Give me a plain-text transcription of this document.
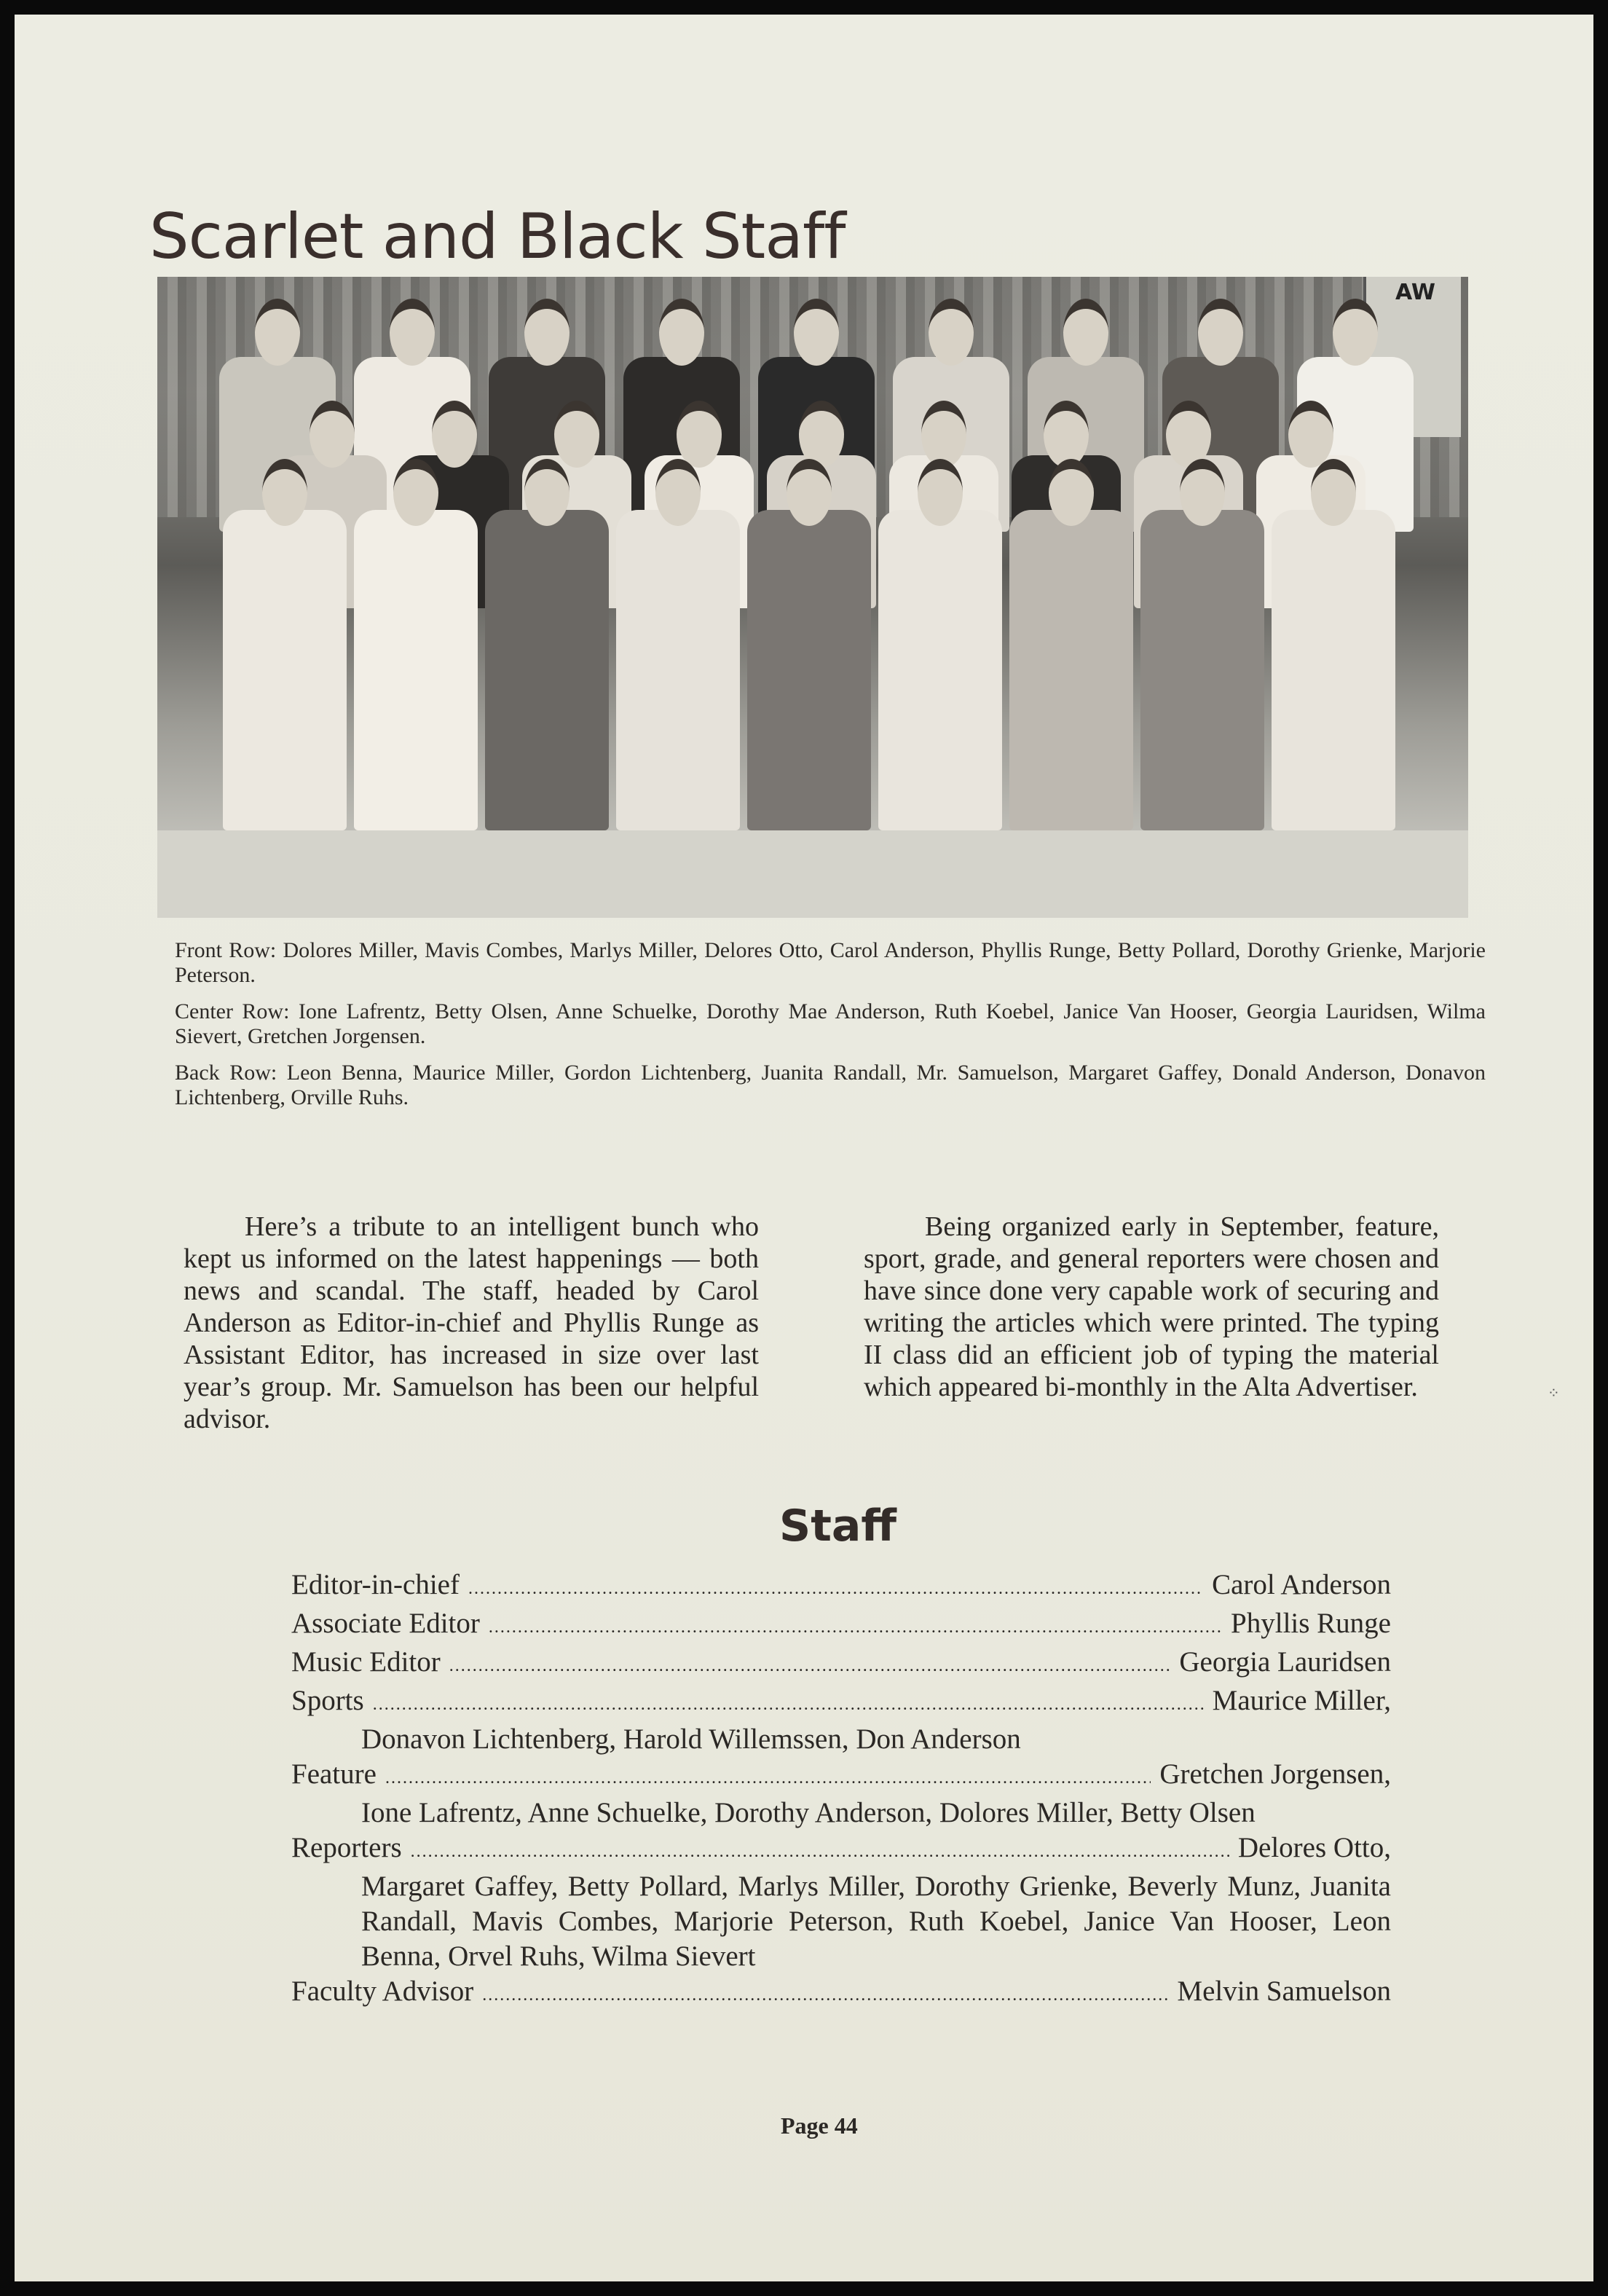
Scarlet and Black Staff
AW

Front Row: Dolores Miller, Mavis Combes, Marlys Miller, Delores Otto, Carol Anderson, Phyllis Runge, Betty Pollard, Dorothy Grienke, Marjorie Peterson.

Center Row: Ione Lafrentz, Betty Olsen, Anne Schuelke, Dorothy Mae Anderson, Ruth Koebel, Janice Van Hooser, Georgia Lauridsen, Wilma Sievert, Gretchen Jorgensen.

Back Row: Leon Benna, Maurice Miller, Gordon Lichtenberg, Juanita Randall, Mr. Samuelson, Margaret Gaffey, Donald Anderson, Donavon Lichtenberg, Orville Ruhs.

Here’s a tribute to an intelligent bunch who kept us informed on the latest happenings — both news and scandal. The staff, headed by Carol Anderson as Editor-in-chief and Phyllis Runge as Assistant Editor, has increased in size over last year’s group. Mr. Samuelson has been our helpful advisor.

Being organized early in September, feature, sport, grade, and general reporters were chosen and have since done very capable work of securing and writing the articles which were printed. The typing II class did an efficient job of typing the material which appeared bi-monthly in the Alta Advertiser.

Staff
Editor-in-chief .....	Carol Anderson
Associate Editor .....	Phyllis Runge
Music Editor .....	Georgia Lauridsen
Sports .....	Maurice Miller,
Donavon Lichtenberg, Harold Willemssen, Don Anderson
Feature .....	Gretchen Jorgensen,
Ione Lafrentz, Anne Schuelke, Dorothy Anderson, Dolores Miller, Betty Olsen
Reporters .....	Delores Otto,
Margaret Gaffey, Betty Pollard, Marlys Miller, Dorothy Grienke, Beverly Munz, Juanita Randall, Mavis Combes, Marjorie Peterson, Ruth Koebel, Janice Van Hooser, Leon Benna, Orvel Ruhs, Wilma Sievert
Faculty Advisor .....	Melvin Samuelson

Page 44

⁘
